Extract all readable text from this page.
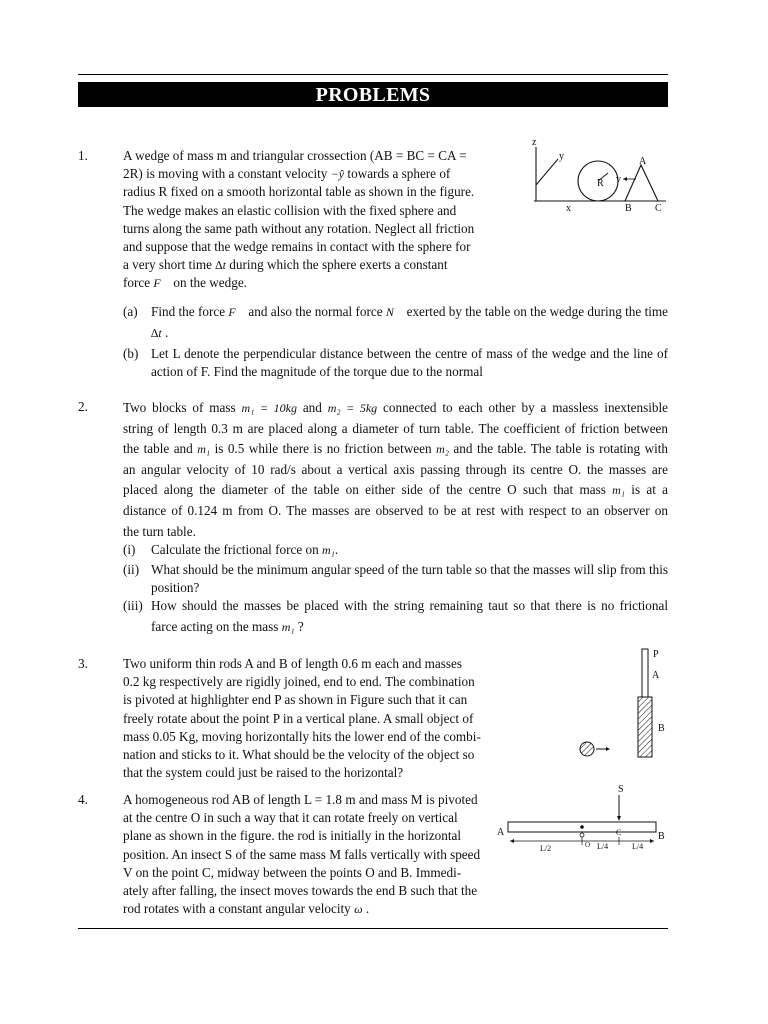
PROBLEMS
1.	A wedge of mass m and triangular crossection (AB = BC = CA =
2R) is moving with a constant velocity −ŷ towards a sphere of
radius R fixed on a smooth horizontal table as shown in the figure.
The wedge makes an elastic collision with the fixed sphere and
turns along the same path without any rotation. Neglect all friction
and suppose that the wedge remains in contact with the sphere for
a very short time ∆t during which the sphere exerts a constant
force F⃗ on the wedge.
z
y
x
R v
A
B C
(a) Find the force F⃗ and also the normal force N⃗ exerted by the table on the wedge during the time
∆t .
(b) Let L denote the perpendicular distance between the centre of mass of the wedge and the line of action of F. Find the magnitude of the torque due to the normal
2.	Two blocks of mass m₁ = 10kg and m₂ = 5kg connected to each other by a massless inextensible
string of length 0.3 m are placed along a diameter of turn table. The coefficient of friction between
the table and m₁ is 0.5 while there is no friction between m₂ and the table. The table is rotating with
an angular velocity of 10 rad/s about a vertical axis passing through its centre O. the masses are
placed along the diameter of the table on either side of the centre O such that mass m₁ is at a
distance of 0.124 m from O. The masses are observed to be at rest with respect to an observer on
the turn table.
(i) Calculate the frictional force on m₁.
(ii) What should be the minimum angular speed of the turn table so that the masses will slip from this position?
(iii) How should the masses be placed with the string remaining taut so that there is no frictional
farce acting on the mass m₁ ?
3.	Two uniform thin rods A and B of length 0.6 m each and masses
0.2 kg respectively are rigidly joined, end to end. The combination
is pivoted at highlighter end P as shown in Figure such that it can
freely rotate about the point P in a vertical plane. A small object of
mass 0.05 Kg, moving horizontally hits the lower end of the combi-
nation and sticks to it. What should be the velocity of the object so
that the system could just be raised to the horizontal?
P
A
B
4.	A homogeneous rod AB of length L = 1.8 m and mass M is pivoted
at the centre O in such a way that it can rotate freely on vertical
plane as shown in the figure. the rod is initially in the horizontal
position. An insect S of the same mass M falls vertically with speed
V on the point C, midway between the points O and B. Immedi-
ately after falling, the insect moves towards the end B such that the
rod rotates with a constant angular velocity ω .
S
A	B
C
O
L/2	L/4	L/4
